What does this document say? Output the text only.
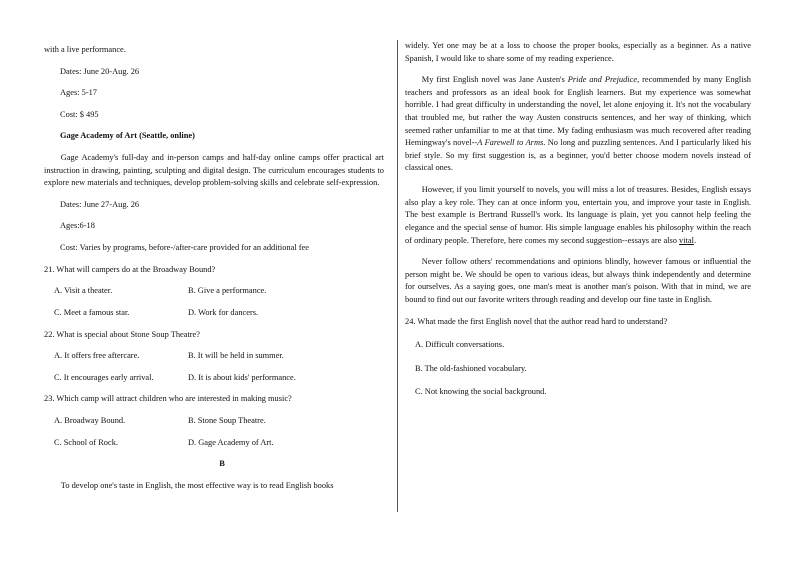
with a live performance.

Dates: June 20-Aug. 26

Ages: 5-17

Cost: $ 495

Gage Academy of Art (Seattle, online)

Gage Academy's full-day and in-person camps and half-day online camps offer practical art instruction in drawing, painting, sculpting and digital design. The curriculum encourages students to explore new materials and techniques, develop problem-solving skills and celebrate self-expression.

Dates: June 27-Aug. 26

Ages:6-18

Cost: Varies by programs, before-/after-care provided for an additional fee

21. What will campers do at the Broadway Bound?

A. Visit a theater.	B. Give a performance.
C. Meet a famous star.	D. Work for dancers.

22. What is special about Stone Soup Theatre?

A. It offers free aftercare.	B. It will be held in summer.
C. It encourages early arrival.	D. It is about kids' performance.

23. Which camp will attract children who are interested in making music?

A. Broadway Bound.	B. Stone Soup Theatre.
C. School of Rock.	D. Gage Academy of Art.

B

To develop one's taste in English, the most effective way is to read English books

widely. Yet one may be at a loss to choose the proper books, especially as a beginner. As a native Spanish, I would like to share some of my reading experience.

My first English novel was Jane Austen's Pride and Prejudice, recommended by many English teachers and professors as an ideal book for English learners. But my experience was somewhat horrible. I had great difficulty in understanding the novel, let alone enjoying it. It's not the vocabulary that troubled me, but rather the way Austen constructs sentences, and her way of thinking, which seemed rather unfamiliar to me at that time. My fading enthusiasm was much recovered after reading Hemingway's novel--A Farewell to Arms. No long and puzzling sentences. And I particularly liked his brief style. So my first suggestion is, as a beginner, you'd better choose modern novels instead of classical ones.

However, if you limit yourself to novels, you will miss a lot of treasures. Besides, English essays also play a key role. They can at once inform you, entertain you, and improve your taste in English. The best example is Bertrand Russell's work. Its language is plain, yet you cannot help feeling the elegance and the special sense of humor. His simple language enables his philosophy within the reach of ordinary people. Therefore, here comes my second suggestion--essays are also vital.

Never follow others' recommendations and opinions blindly, however famous or influential the person might be. We should be open to various ideas, but always think independently and determine for ourselves. As a saying goes, one man's meat is another man's poison. With that in mind, we are bound to find out our favorite writers through reading and develop our fine taste in English.

24. What made the first English novel that the author read hard to understand?

A. Difficult conversations.

B. The old-fashioned vocabulary.

C. Not knowing the social background.
